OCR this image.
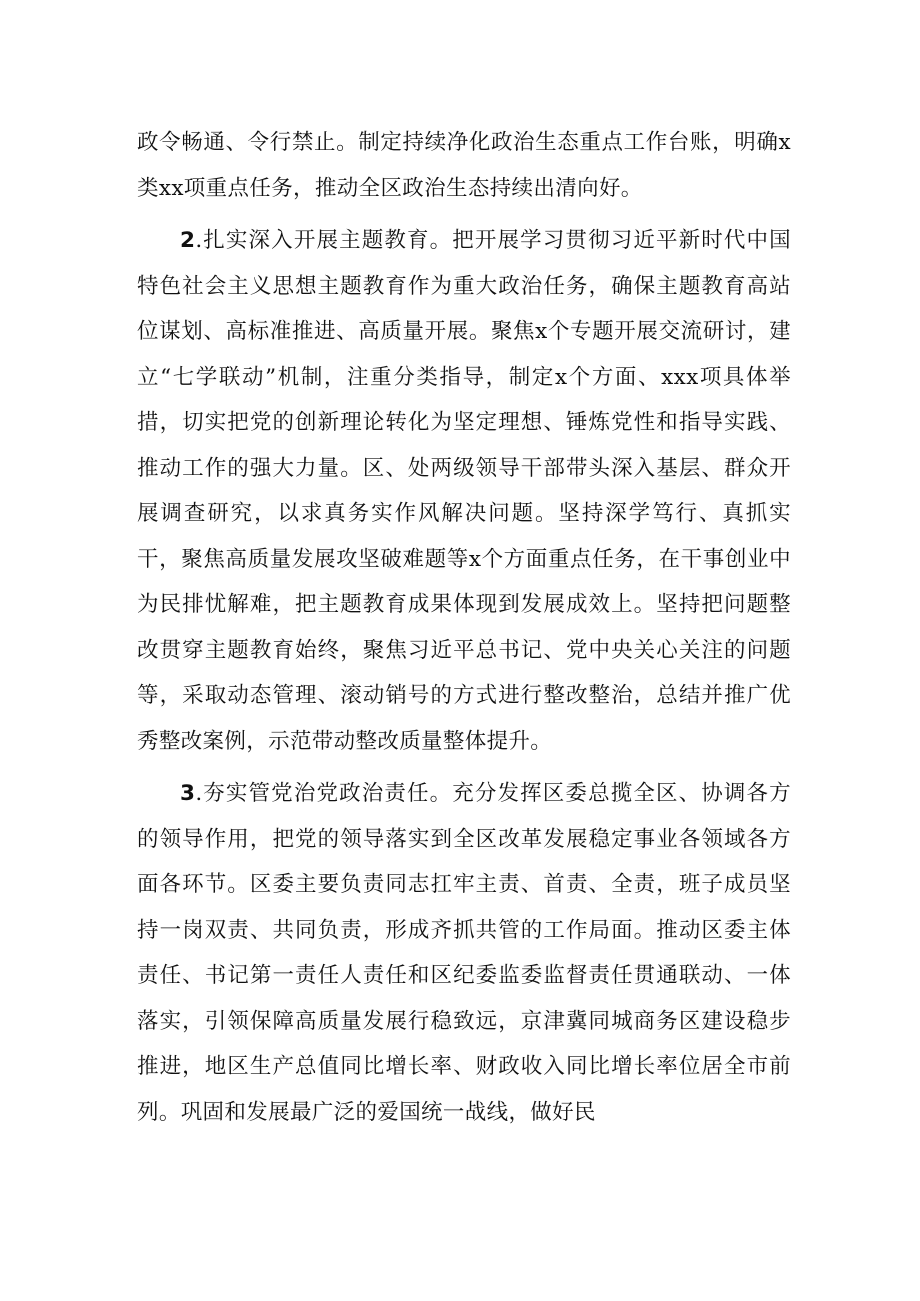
政令畅通、令行禁止。制定持续净化政治生态重点工作台账，明确x类xx项重点任务，推动全区政治生态持续出清向好。

2.扎实深入开展主题教育。把开展学习贯彻习近平新时代中国特色社会主义思想主题教育作为重大政治任务，确保主题教育高站位谋划、高标准推进、高质量开展。聚焦x个专题开展交流研讨，建立“七学联动”机制，注重分类指导，制定x个方面、xxx项具体举措，切实把党的创新理论转化为坚定理想、锤炼党性和指导实践、推动工作的强大力量。区、处两级领导干部带头深入基层、群众开展调查研究，以求真务实作风解决问题。坚持深学笃行、真抓实干，聚焦高质量发展攻坚破难题等x个方面重点任务，在干事创业中为民排忧解难，把主题教育成果体现到发展成效上。坚持把问题整改贯穿主题教育始终，聚焦习近平总书记、党中央关心关注的问题等，采取动态管理、滚动销号的方式进行整改整治，总结并推广优秀整改案例，示范带动整改质量整体提升。

3.夯实管党治党政治责任。充分发挥区委总揽全区、协调各方的领导作用，把党的领导落实到全区改革发展稳定事业各领域各方面各环节。区委主要负责同志扛牢主责、首责、全责，班子成员坚持一岗双责、共同负责，形成齐抓共管的工作局面。推动区委主体责任、书记第一责任人责任和区纪委监委监督责任贯通联动、一体落实，引领保障高质量发展行稳致远，京津冀同城商务区建设稳步推进，地区生产总值同比增长率、财政收入同比增长率位居全市前列。巩固和发展最广泛的爱国统一战线，做好民
